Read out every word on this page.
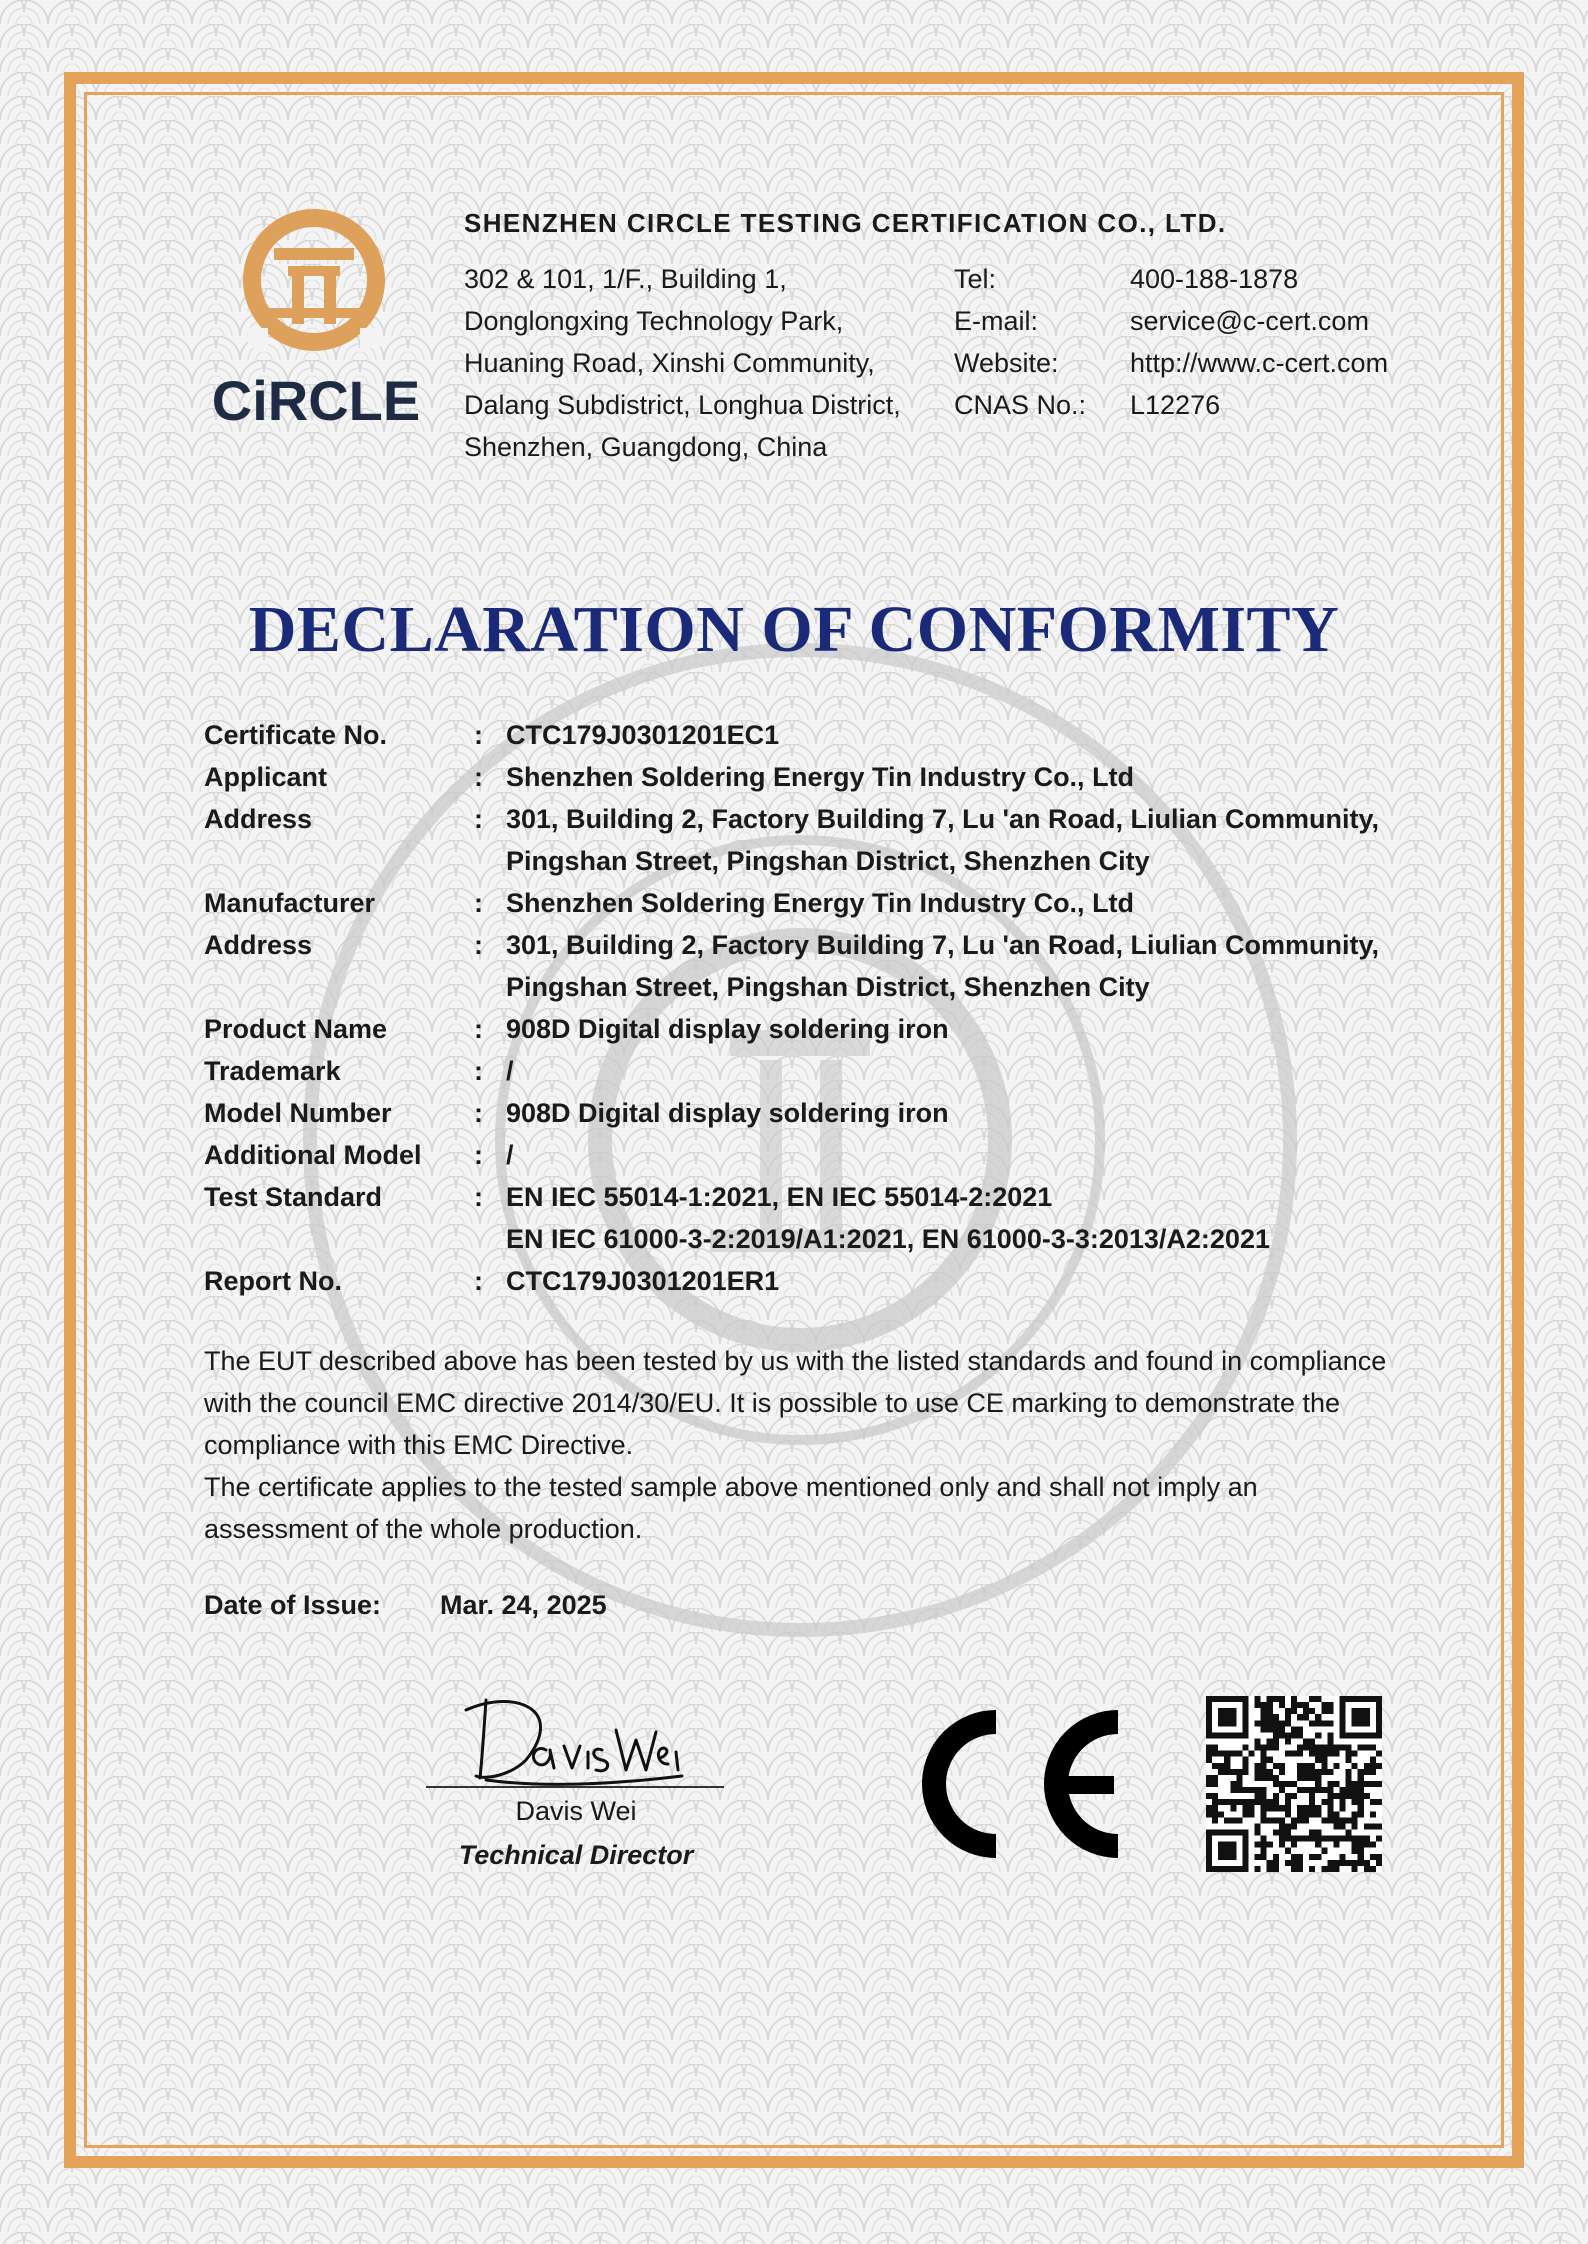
CiRCLE
SHENZHEN CIRCLE TESTING CERTIFICATION CO., LTD.
302 & 101, 1/F., Building 1,
Donglongxing Technology Park,
Huaning Road, Xinshi Community,
Dalang Subdistrict, Longhua District,
Shenzhen, Guangdong, China
Tel:	400-188-1878
E-mail:	service@c-cert.com
Website:	http://www.c-cert.com
CNAS No.:	L12276
DECLARATION OF CONFORMITY
Certificate No.	: CTC179J0301201EC1
Applicant	: Shenzhen Soldering Energy Tin Industry Co., Ltd
Address	: 301, Building 2, Factory Building 7, Lu 'an Road, Liulian Community,
Pingshan Street, Pingshan District, Shenzhen City
Manufacturer	: Shenzhen Soldering Energy Tin Industry Co., Ltd
Address	: 301, Building 2, Factory Building 7, Lu 'an Road, Liulian Community,
Pingshan Street, Pingshan District, Shenzhen City
Product Name	: 908D Digital display soldering iron
Trademark	: /
Model Number	: 908D Digital display soldering iron
Additional Model	: /
Test Standard	: EN IEC 55014-1:2021, EN IEC 55014-2:2021
EN IEC 61000-3-2:2019/A1:2021, EN 61000-3-3:2013/A2:2021
Report No.	: CTC179J0301201ER1
The EUT described above has been tested by us with the listed standards and found in compliance
with the council EMC directive 2014/30/EU. It is possible to use CE marking to demonstrate the
compliance with this EMC Directive.
The certificate applies to the tested sample above mentioned only and shall not imply an
assessment of the whole production.
Date of Issue: Mar. 24, 2025
Davis Wei
Davis Wei
Technical Director
